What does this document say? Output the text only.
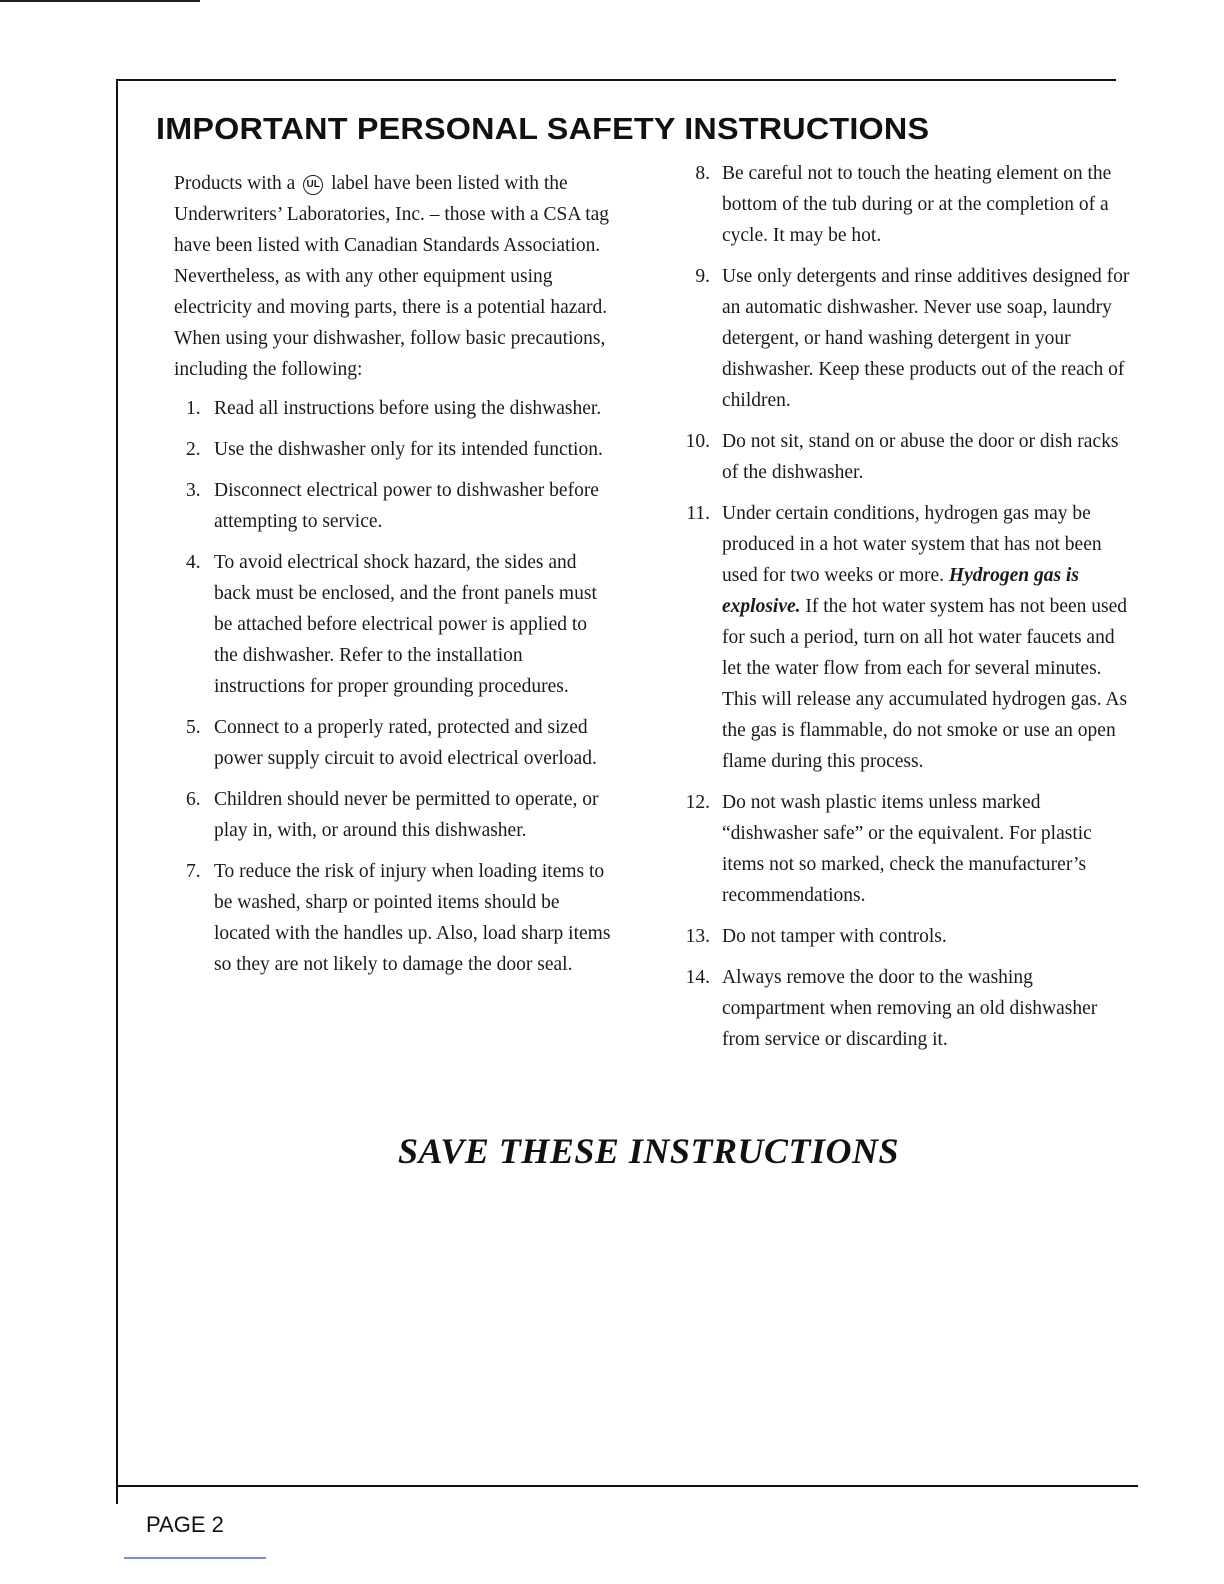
IMPORTANT PERSONAL SAFETY INSTRUCTIONS

Products with a UL label have been listed with the Underwriters’ Laboratories, Inc. – those with a CSA tag have been listed with Canadian Standards Association. Nevertheless, as with any other equipment using electricity and moving parts, there is a potential hazard. When using your dishwasher, follow basic precautions, including the following:

1. Read all instructions before using the dishwasher.
2. Use the dishwasher only for its intended function.
3. Disconnect electrical power to dishwasher before attempting to service.
4. To avoid electrical shock hazard, the sides and back must be enclosed, and the front panels must be attached before electrical power is applied to the dishwasher. Refer to the installation instructions for proper grounding procedures.
5. Connect to a properly rated, protected and sized power supply circuit to avoid electrical overload.
6. Children should never be permitted to operate, or play in, with, or around this dishwasher.
7. To reduce the risk of injury when loading items to be washed, sharp or pointed items should be located with the handles up. Also, load sharp items so they are not likely to damage the door seal.
8. Be careful not to touch the heating element on the bottom of the tub during or at the completion of a cycle. It may be hot.
9. Use only detergents and rinse additives designed for an automatic dishwasher. Never use soap, laundry detergent, or hand washing detergent in your dishwasher. Keep these products out of the reach of children.
10. Do not sit, stand on or abuse the door or dish racks of the dishwasher.
11. Under certain conditions, hydrogen gas may be produced in a hot water system that has not been used for two weeks or more. Hydrogen gas is explosive. If the hot water system has not been used for such a period, turn on all hot water faucets and let the water flow from each for several minutes. This will release any accumulated hydrogen gas. As the gas is flammable, do not smoke or use an open flame during this process.
12. Do not wash plastic items unless marked “dishwasher safe” or the equivalent. For plastic items not so marked, check the manufacturer’s recommendations.
13. Do not tamper with controls.
14. Always remove the door to the washing compartment when removing an old dishwasher from service or discarding it.
SAVE THESE INSTRUCTIONS
PAGE 2
